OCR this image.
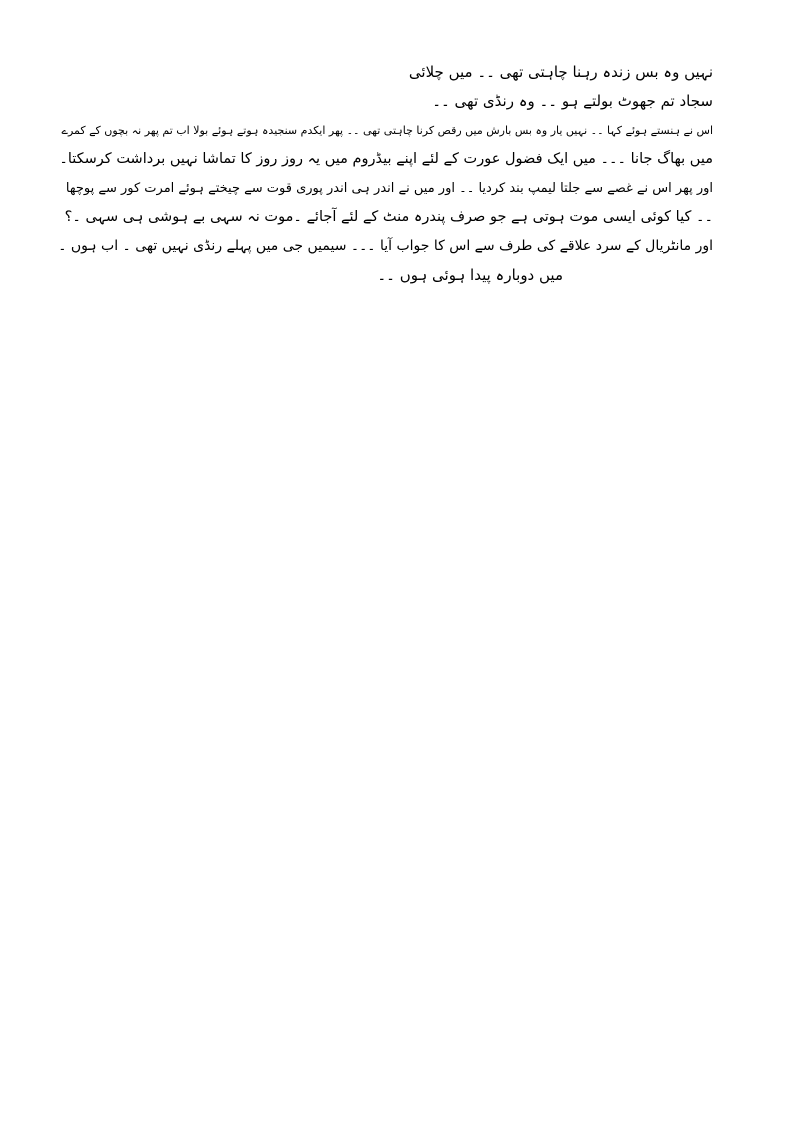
نہیں وہ بس زندہ رہنا چاہتی تھی ۔۔ میں چلائی
سجاد تم جھوٹ بولتے ہو ۔۔ وہ رنڈی تھی ۔۔
اس نے ہنستے ہوئے کہا ۔۔ نہیں یار وہ بس بارش میں رقص کرنا چاہتی تھی ۔۔ پھر ایکدم سنجیدہ ہوتے ہوئے بولا اب تم پھر نہ بچوں کے کمرے
میں بھاگ جانا ۔۔۔ میں ایک فضول عورت کے لئے اپنے بیڈروم میں یہ روز روز کا تماشا نہیں برداشت کرسکتا۔
اور پھر اس نے غصے سے جلتا لیمپ بند کردیا ۔۔ اور میں نے اندر ہی اندر پوری قوت سے چیختے ہوئے امرت کور سے پوچھا
۔۔ کیا کوئی ایسی موت ہوتی ہے جو صرف پندرہ منٹ کے لئے آجائے ۔موت نہ سہی بے ہوشی ہی سہی ۔؟
اور مانٹریال کے سرد علاقے کی طرف سے اس کا جواب آیا ۔۔۔ سیمیں جی میں پہلے رنڈی نہیں تھی ۔ اب ہوں ۔
میں دوبارہ پیدا ہوئی ہوں ۔۔
